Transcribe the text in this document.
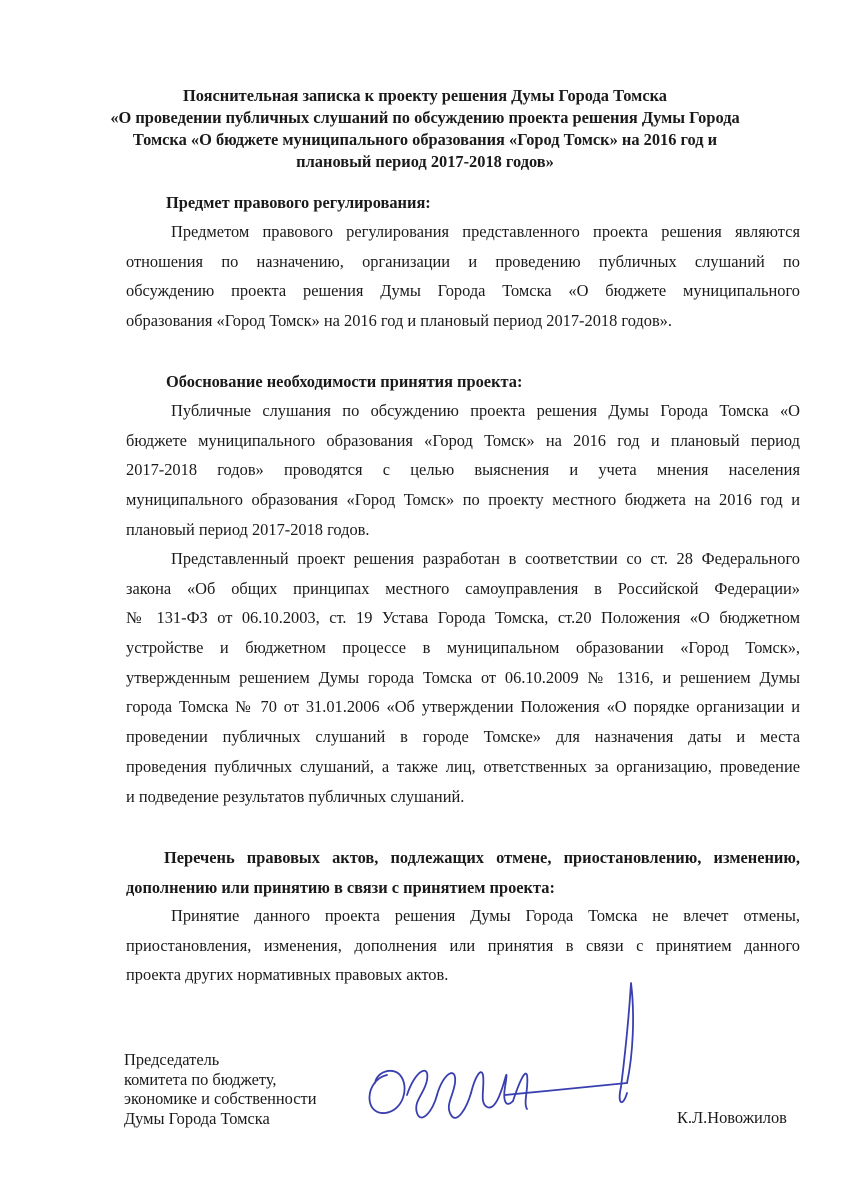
Пояснительная записка к проекту решения Думы Города Томска
«О проведении публичных слушаний по обсуждению проекта решения Думы Города
Томска «О бюджете муниципального образования «Город Томск» на 2016 год и
плановый период 2017-2018 годов»
Предмет правового регулирования:
Предметом правового регулирования представленного проекта решения являются
отношения по назначению, организации и проведению публичных слушаний по
обсуждению проекта решения Думы Города Томска «О бюджете муниципального
образования «Город Томск» на 2016 год и плановый период 2017-2018 годов».
Обоснование необходимости принятия проекта:
Публичные слушания по обсуждению проекта решения Думы Города Томска «О
бюджете муниципального образования «Город Томск» на 2016 год и плановый период
2017-2018 годов» проводятся с целью выяснения и учета мнения населения
муниципального образования «Город Томск» по проекту местного бюджета на 2016 год и
плановый период 2017-2018 годов.
Представленный проект решения разработан в соответствии со ст. 28 Федерального
закона «Об общих принципах местного самоуправления в Российской Федерации»
№ 131-ФЗ от 06.10.2003, ст. 19 Устава Города Томска, ст.20 Положения «О бюджетном
устройстве и бюджетном процессе в муниципальном образовании «Город Томск»,
утвержденным решением Думы города Томска от 06.10.2009 № 1316, и решением Думы
города Томска № 70 от 31.01.2006 «Об утверждении Положения «О порядке организации и
проведении публичных слушаний в городе Томске» для назначения даты и места
проведения публичных слушаний, а также лиц, ответственных за организацию, проведение
и подведение результатов публичных слушаний.
Перечень правовых актов, подлежащих отмене, приостановлению, изменению,
дополнению или принятию в связи с принятием проекта:
Принятие данного проекта решения Думы Города Томска не влечет отмены,
приостановления, изменения, дополнения или принятия в связи с принятием данного
проекта других нормативных правовых актов.
Председатель
комитета по бюджету,
экономике и собственности
Думы Города Томска	К.Л.Новожилов
